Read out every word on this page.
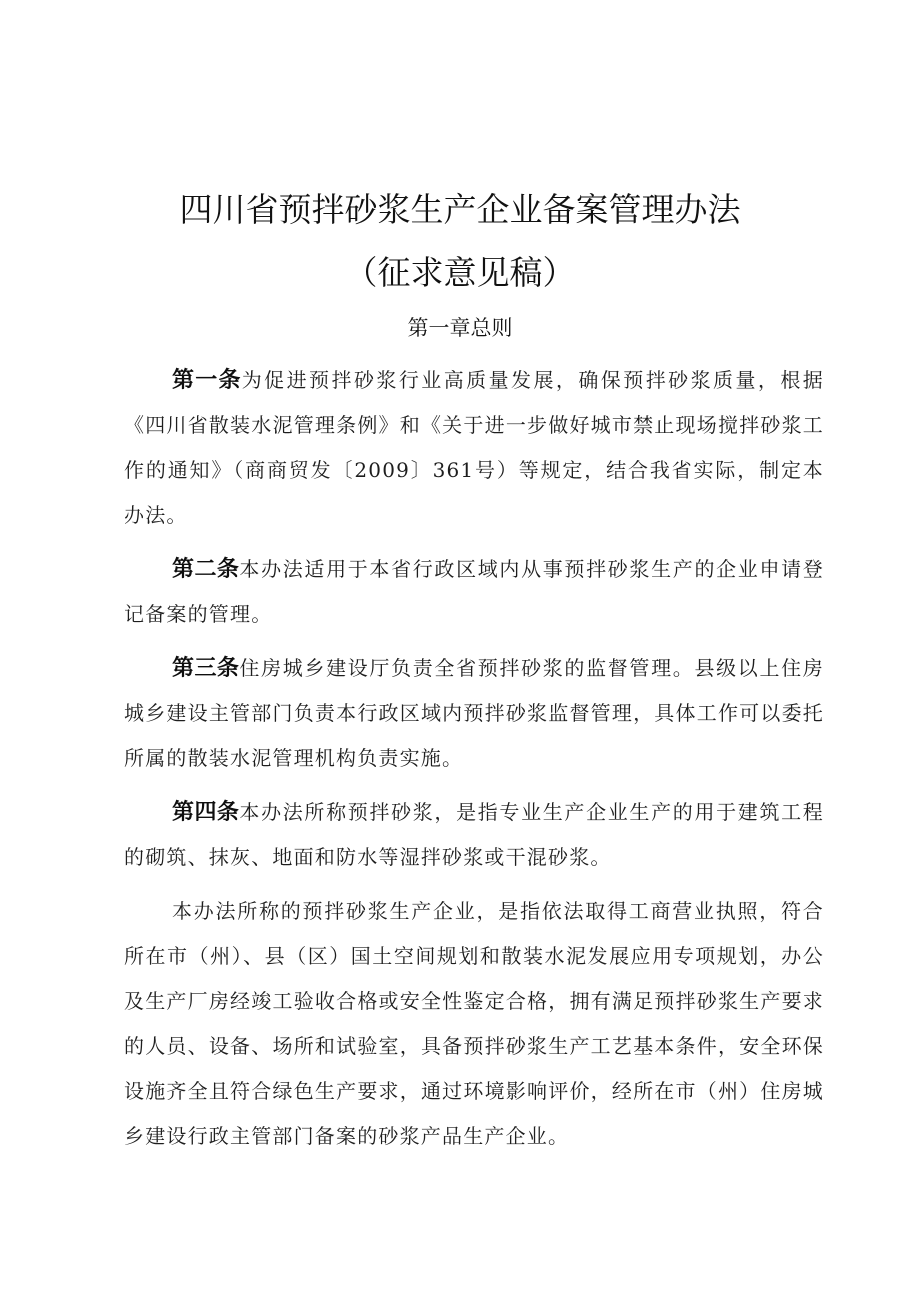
四川省预拌砂浆生产企业备案管理办法
（征求意见稿）
第一章总则

第一条为促进预拌砂浆行业高质量发展，确保预拌砂浆质量，根据《四川省散装水泥管理条例》和《关于进一步做好城市禁止现场搅拌砂浆工作的通知》（商商贸发〔2009〕361号）等规定，结合我省实际，制定本办法。

第二条本办法适用于本省行政区域内从事预拌砂浆生产的企业申请登记备案的管理。

第三条住房城乡建设厅负责全省预拌砂浆的监督管理。县级以上住房城乡建设主管部门负责本行政区域内预拌砂浆监督管理，具体工作可以委托所属的散装水泥管理机构负责实施。

第四条本办法所称预拌砂浆，是指专业生产企业生产的用于建筑工程的砌筑、抹灰、地面和防水等湿拌砂浆或干混砂浆。

本办法所称的预拌砂浆生产企业，是指依法取得工商营业执照，符合所在市（州）、县（区）国土空间规划和散装水泥发展应用专项规划，办公及生产厂房经竣工验收合格或安全性鉴定合格，拥有满足预拌砂浆生产要求的人员、设备、场所和试验室，具备预拌砂浆生产工艺基本条件，安全环保设施齐全且符合绿色生产要求，通过环境影响评价，经所在市（州）住房城乡建设行政主管部门备案的砂浆产品生产企业。
